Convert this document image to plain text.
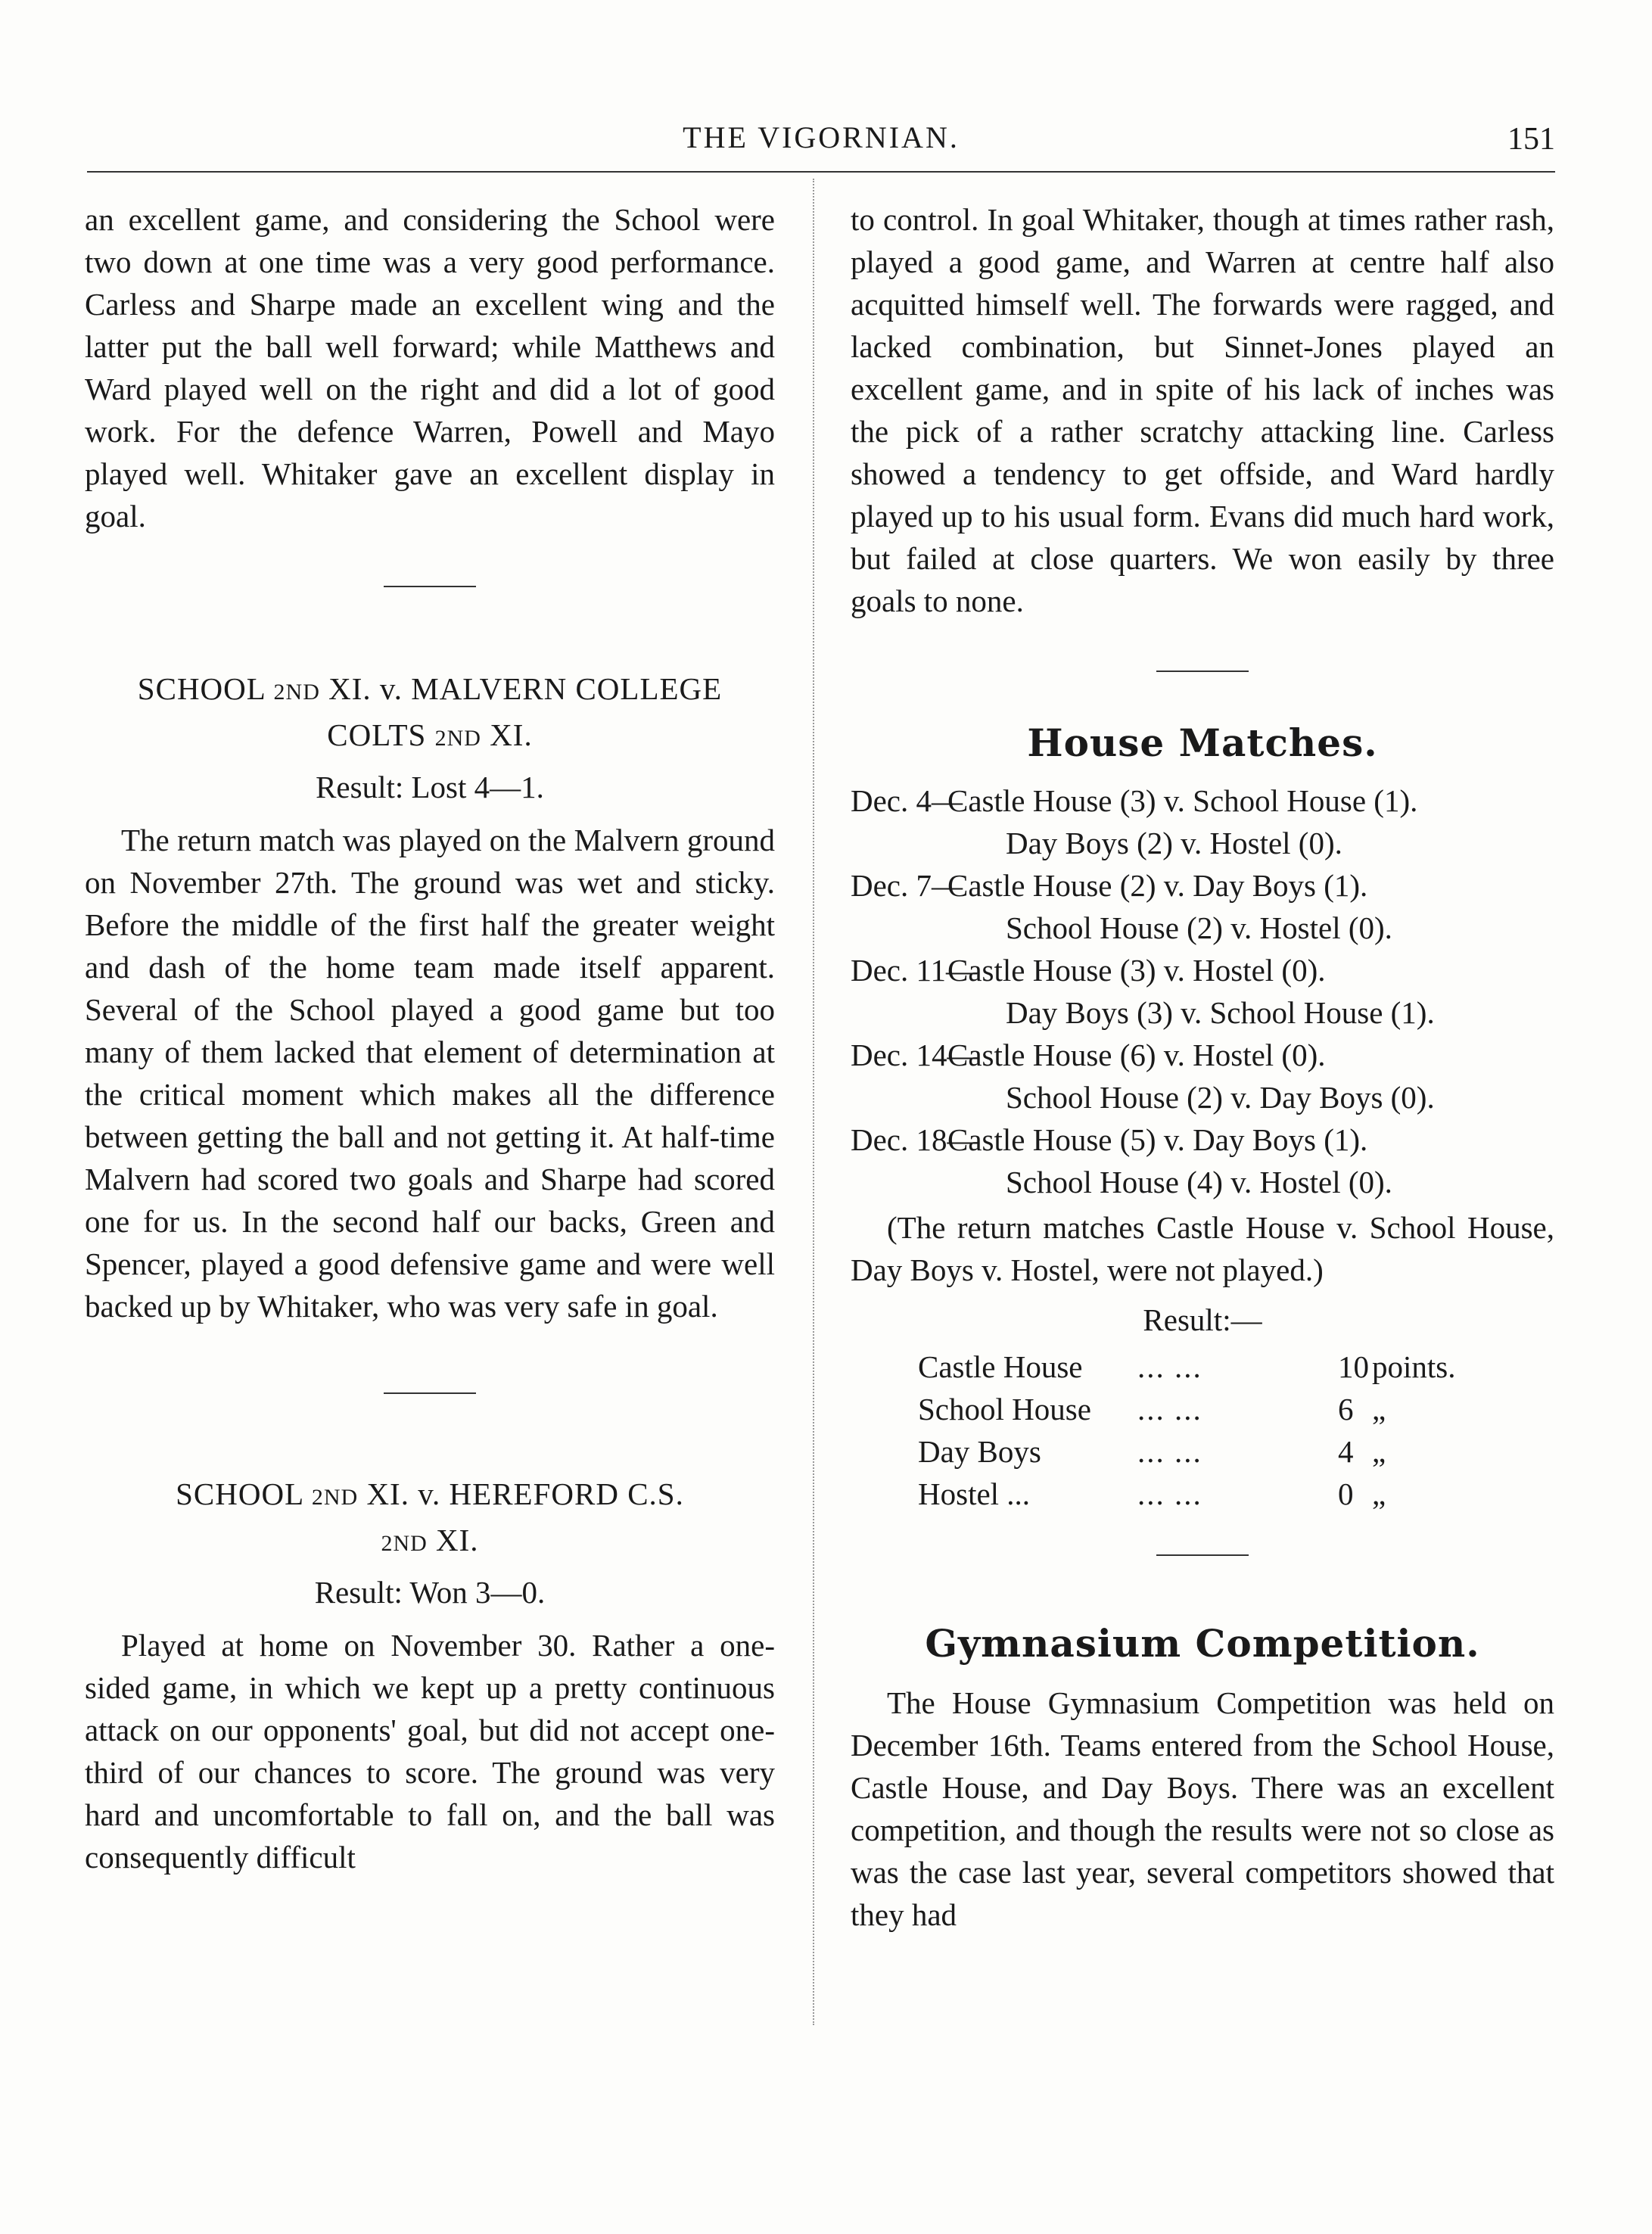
THE VIGORNIAN.	151

an excellent game, and considering the School were two down at one time was a very good performance. Carless and Sharpe made an excellent wing and the latter put the ball well forward; while Matthews and Ward played well on the right and did a lot of good work. For the defence Warren, Powell and Mayo played well. Whitaker gave an excellent display in goal.

SCHOOL 2ND XI. v. MALVERN COLLEGE
COLTS 2ND XI.

Result: Lost 4—1.

The return match was played on the Malvern ground on November 27th. The ground was wet and sticky. Before the middle of the first half the greater weight and dash of the home team made itself apparent. Several of the School played a good game but too many of them lacked that element of determination at the critical moment which makes all the difference between getting the ball and not getting it. At half-time Malvern had scored two goals and Sharpe had scored one for us. In the second half our backs, Green and Spencer, played a good defensive game and were well backed up by Whitaker, who was very safe in goal.

SCHOOL 2ND XI. v. HEREFORD C.S.
2ND XI.

Result: Won 3—0.

Played at home on November 30. Rather a one-sided game, in which we kept up a pretty continuous attack on our opponents' goal, but did not accept one-third of our chances to score. The ground was very hard and uncomfortable to fall on, and the ball was consequently difficult

to control. In goal Whitaker, though at times rather rash, played a good game, and Warren at centre half also acquitted himself well. The forwards were ragged, and lacked combination, but Sinnet-Jones played an excellent game, and in spite of his lack of inches was the pick of a rather scratchy attacking line. Carless showed a tendency to get offside, and Ward hardly played up to his usual form. Evans did much hard work, but failed at close quarters. We won easily by three goals to none.

House Matches.

Dec. 4—
Castle House (3) v. School House (1).
Day Boys (2) v. Hostel (0).
Dec. 7—
Castle House (2) v. Day Boys (1).
School House (2) v. Hostel (0).
Dec. 11—
Castle House (3) v. Hostel (0).
Day Boys (3) v. School House (1).
Dec. 14—
Castle House (6) v. Hostel (0).
School House (2) v. Day Boys (0).
Dec. 18—
Castle House (5) v. Day Boys (1).
School House (4) v. Hostel (0).

(The return matches Castle House v. School House, Day Boys v. Hostel, were not played.)

Result:—

Castle House ... ...	10 points.
School House ... ...	6 „
Day Boys	... ...	4 „
Hostel ...	... ...	0 „

Gymnasium Competition.

The House Gymnasium Competition was held on December 16th. Teams entered from the School House, Castle House, and Day Boys. There was an excellent competition, and though the results were not so close as was the case last year, several competitors showed that they had
